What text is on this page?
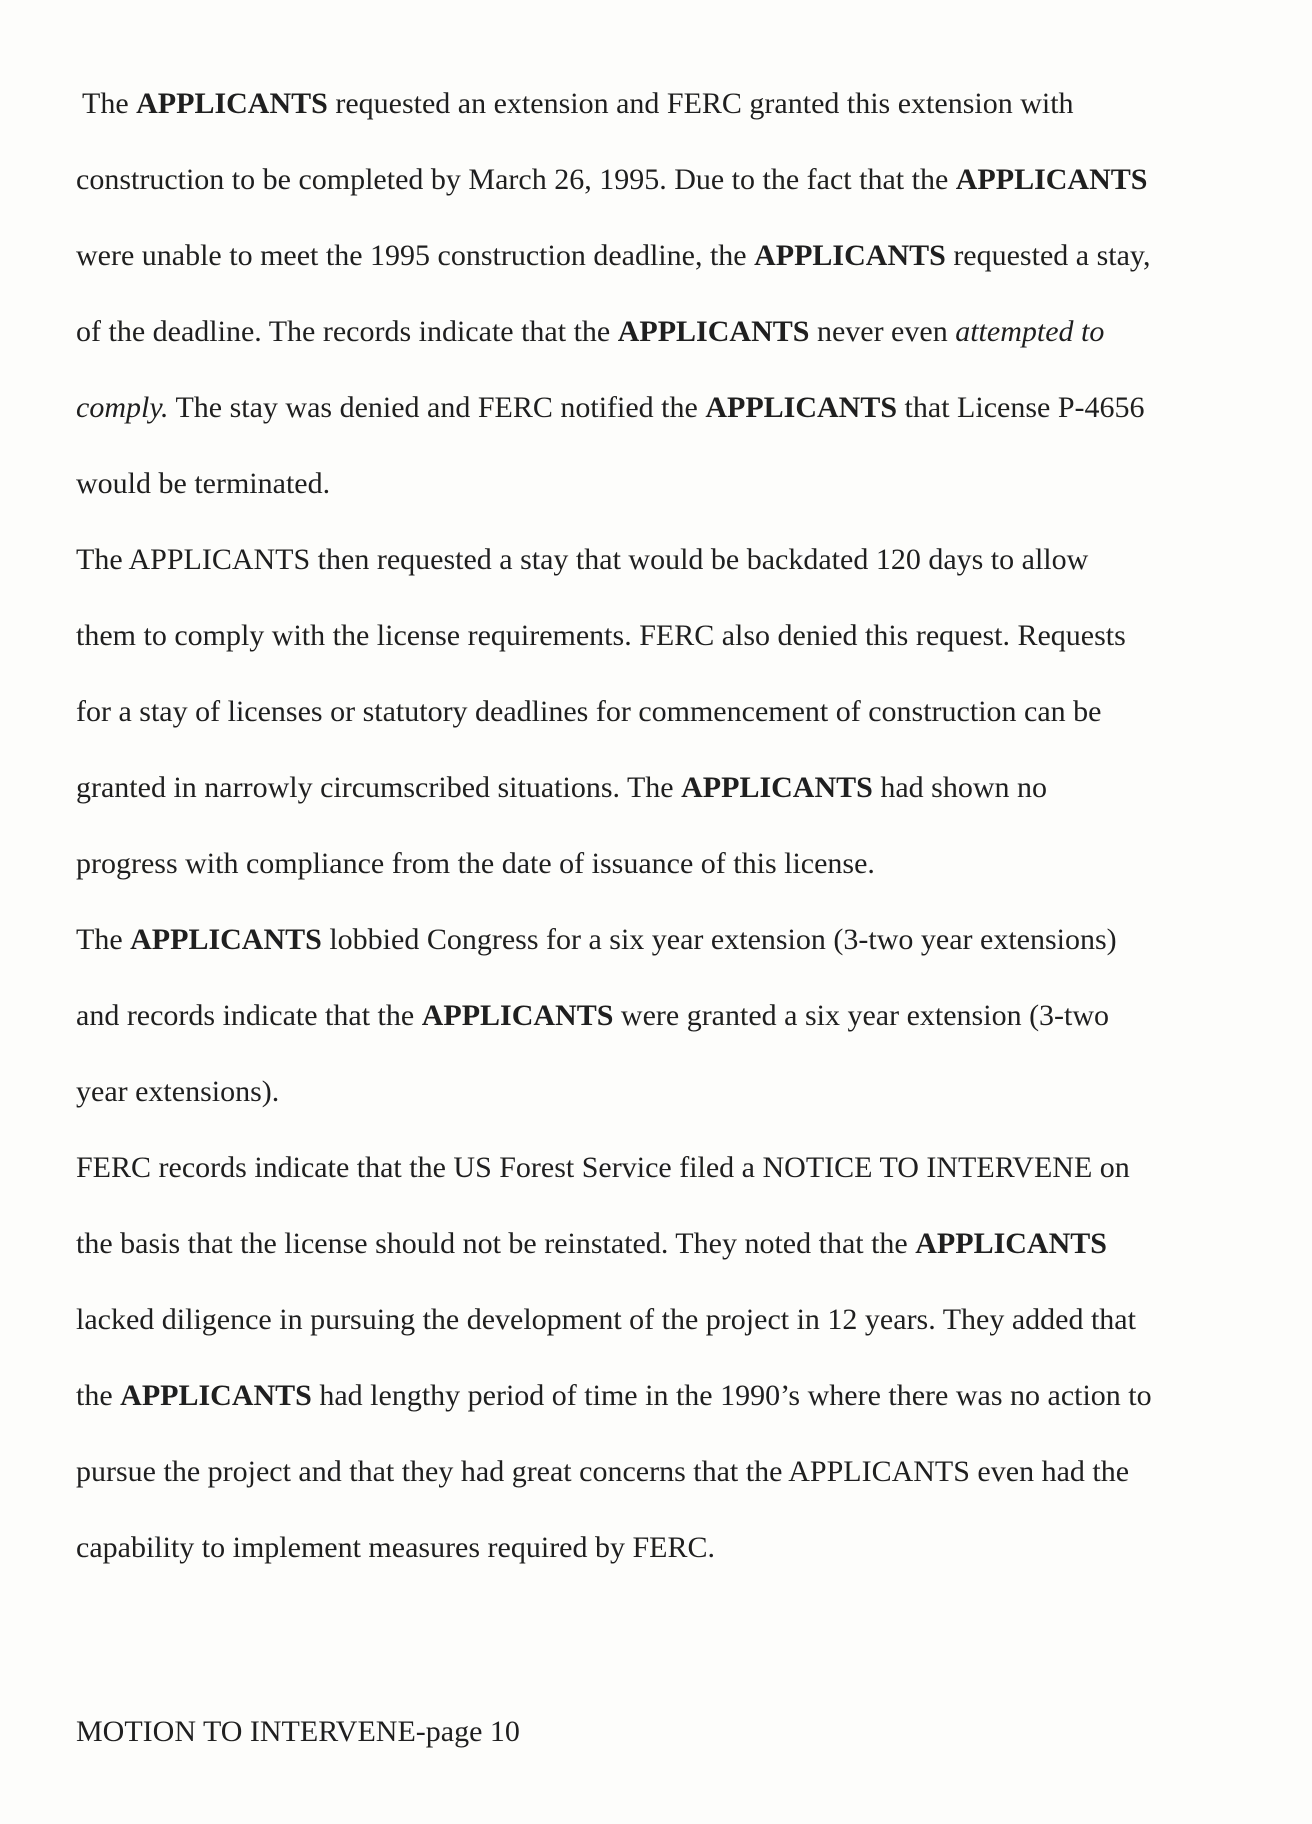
The APPLICANTS requested an extension and FERC granted this extension with
construction to be completed by March 26, 1995. Due to the fact that the APPLICANTS
were unable to meet the 1995 construction deadline, the APPLICANTS requested a stay,
of the deadline. The records indicate that the APPLICANTS never even attempted to
comply. The stay was denied and FERC notified the APPLICANTS that License P-4656
would be terminated.
The APPLICANTS then requested a stay that would be backdated 120 days to allow
them to comply with the license requirements. FERC also denied this request. Requests
for a stay of licenses or statutory deadlines for commencement of construction can be
granted in narrowly circumscribed situations. The APPLICANTS had shown no
progress with compliance from the date of issuance of this license.
The APPLICANTS lobbied Congress for a six year extension (3-two year extensions)
and records indicate that the APPLICANTS were granted a six year extension (3-two
year extensions).
FERC records indicate that the US Forest Service filed a NOTICE TO INTERVENE on
the basis that the license should not be reinstated. They noted that the APPLICANTS
lacked diligence in pursuing the development of the project in 12 years. They added that
the APPLICANTS had lengthy period of time in the 1990’s where there was no action to
pursue the project and that they had great concerns that the APPLICANTS even had the
capability to implement measures required by FERC.
MOTION TO INTERVENE-page 10
